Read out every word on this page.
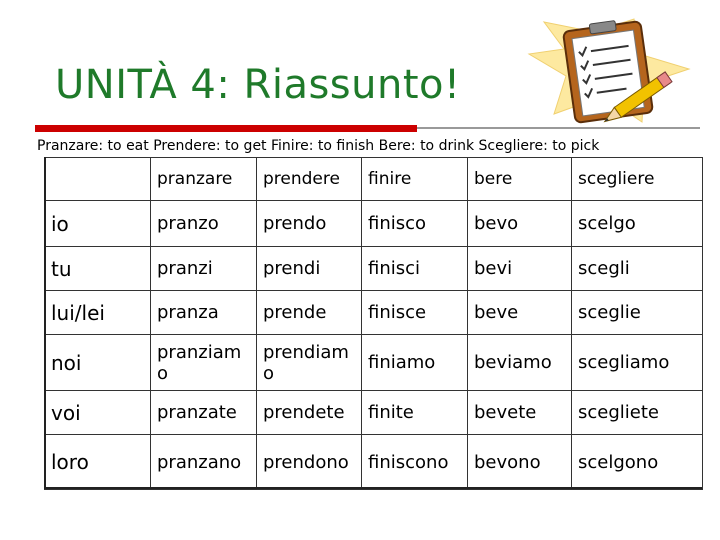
UNITÀ 4: Riassunto!
Pranzare: to eat Prendere: to get Finire: to finish Bere: to drink Scegliere: to pick
	pranzare	prendere	finire	bere	scegliere
io	pranzo	prendo	finisco	bevo	scelgo
tu	pranzi	prendi	finisci	bevi	scegli
lui/lei	pranza	prende	finisce	beve	sceglie
noi	pranziam o	prendiam o	finiamo	beviamo	scegliamo
voi	pranzate	prendete	finite	bevete	scegliete
loro	pranzano	prendono	finiscono	bevono	scelgono
